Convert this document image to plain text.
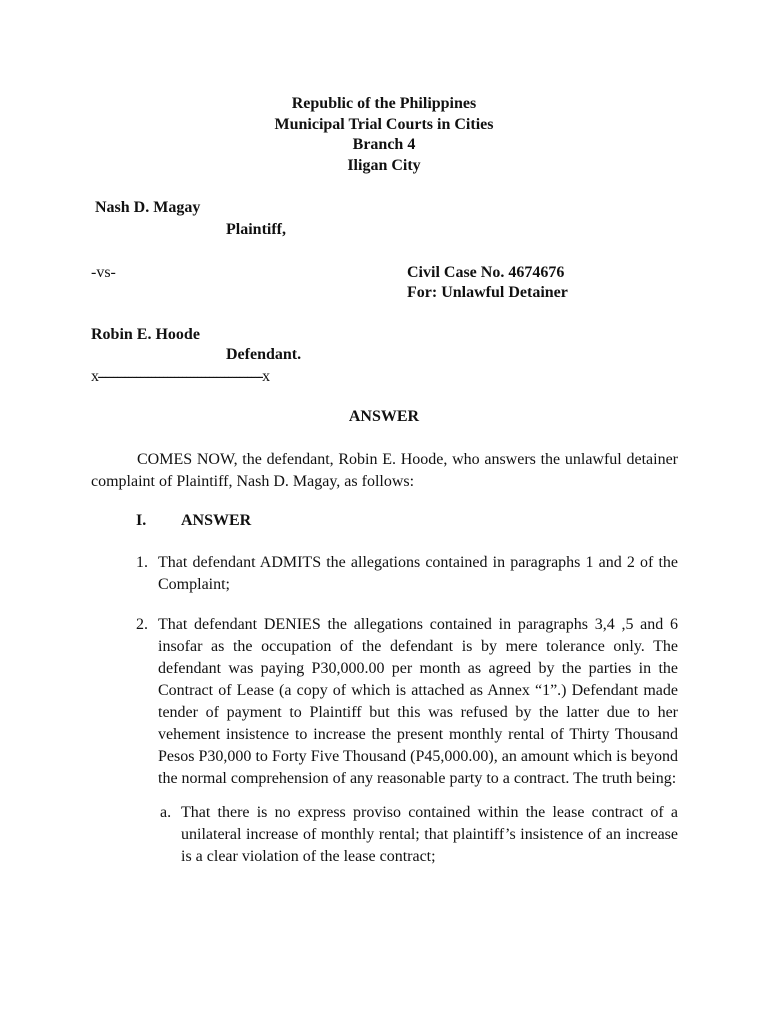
Republic of the Philippines
Municipal Trial Courts in Cities
Branch 4
Iligan City
Nash D. Magay
Plaintiff,
-vs-	Civil Case No. 4674676
For: Unlawful Detainer
Robin E. Hoode
Defendant.
x-------------------------------------------x
ANSWER
COMES NOW, the defendant, Robin E. Hoode, who answers the unlawful detainer complaint of Plaintiff, Nash D. Magay, as follows:
I. ANSWER
1. That defendant ADMITS the allegations contained in paragraphs 1 and 2 of the Complaint;
2. That defendant DENIES the allegations contained in paragraphs 3,4 ,5 and 6 insofar as the occupation of the defendant is by mere tolerance only. The defendant was paying P30,000.00 per month as agreed by the parties in the Contract of Lease (a copy of which is attached as Annex “1”.) Defendant made tender of payment to Plaintiff but this was refused by the latter due to her vehement insistence to increase the present monthly rental of Thirty Thousand Pesos P30,000 to Forty Five Thousand (P45,000.00), an amount which is beyond the normal comprehension of any reasonable party to a contract. The truth being:
a. That there is no express proviso contained within the lease contract of a unilateral increase of monthly rental; that plaintiff’s insistence of an increase is a clear violation of the lease contract;
